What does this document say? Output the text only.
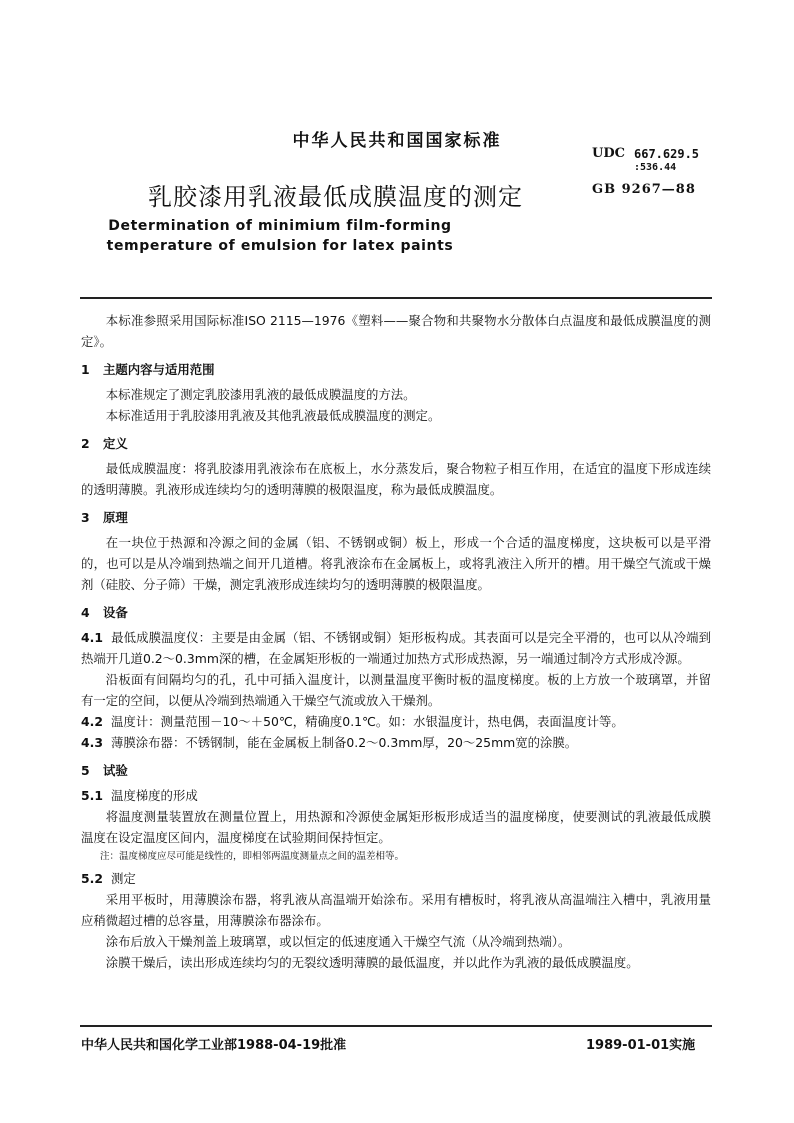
中华人民共和国国家标准
UDC 667.629.5
:536.44
乳胶漆用乳液最低成膜温度的测定	GB 9267—88
Determination of minimium film-forming
temperature of emulsion for latex paints

本标准参照采用国际标准ISO 2115—1976《塑料——聚合物和共聚物水分散体白点温度和最低成膜温度的测定》。

1 主题内容与适用范围

本标准规定了测定乳胶漆用乳液的最低成膜温度的方法。

本标准适用于乳胶漆用乳液及其他乳液最低成膜温度的测定。

2 定义

最低成膜温度：将乳胶漆用乳液涂布在底板上，水分蒸发后，聚合物粒子相互作用，在适宜的温度下形成连续的透明薄膜。乳液形成连续均匀的透明薄膜的极限温度，称为最低成膜温度。

3 原理

在一块位于热源和冷源之间的金属（铝、不锈钢或铜）板上，形成一个合适的温度梯度，这块板可以是平滑的，也可以是从冷端到热端之间开几道槽。将乳液涂布在金属板上，或将乳液注入所开的槽。用干燥空气流或干燥剂（硅胶、分子筛）干燥，测定乳液形成连续均匀的透明薄膜的极限温度。

4 设备

4.1 最低成膜温度仪：主要是由金属（铝、不锈钢或铜）矩形板构成。其表面可以是完全平滑的，也可以从冷端到热端开几道0.2～0.3mm深的槽，在金属矩形板的一端通过加热方式形成热源，另一端通过制冷方式形成冷源。

沿板面有间隔均匀的孔，孔中可插入温度计，以测量温度平衡时板的温度梯度。板的上方放一个玻璃罩，并留有一定的空间，以便从冷端到热端通入干燥空气流或放入干燥剂。

4.2 温度计：测量范围－10～＋50℃，精确度0.1℃。如：水银温度计，热电偶，表面温度计等。

4.3 薄膜涂布器：不锈钢制，能在金属板上制备0.2～0.3mm厚，20～25mm宽的涂膜。

5 试验

5.1 温度梯度的形成

将温度测量装置放在测量位置上，用热源和冷源使金属矩形板形成适当的温度梯度，使要测试的乳液最低成膜温度在设定温度区间内，温度梯度在试验期间保持恒定。

注：温度梯度应尽可能是线性的，即相邻两温度测量点之间的温差相等。

5.2 测定

采用平板时，用薄膜涂布器，将乳液从高温端开始涂布。采用有槽板时，将乳液从高温端注入槽中，乳液用量应稍微超过槽的总容量，用薄膜涂布器涂布。

涂布后放入干燥剂盖上玻璃罩，或以恒定的低速度通入干燥空气流（从冷端到热端）。

涂膜干燥后，读出形成连续均匀的无裂纹透明薄膜的最低温度，并以此作为乳液的最低成膜温度。

中华人民共和国化学工业部1988-04-19批准	1989-01-01实施
